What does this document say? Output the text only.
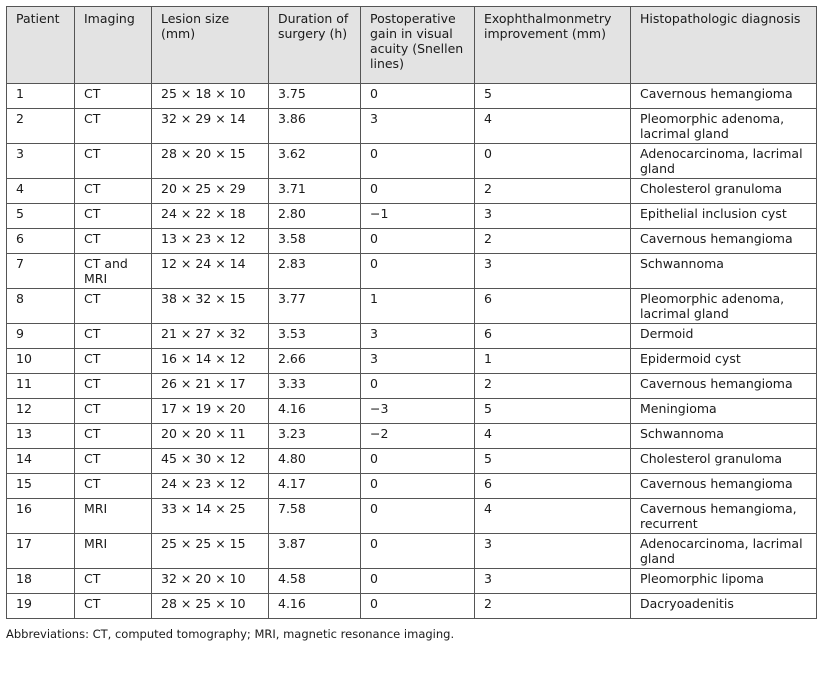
Patient	Imaging	Lesion size (mm)	Duration of surgery (h)	Postoperative gain in visual acuity (Snellen lines)	Exophthalmonmetry improvement (mm)	Histopathologic diagnosis
1	CT	25 × 18 × 10	3.75	0	5	Cavernous hemangioma
2	CT	32 × 29 × 14	3.86	3	4	Pleomorphic adenoma, lacrimal gland
3	CT	28 × 20 × 15	3.62	0	0	Adenocarcinoma, lacrimal gland
4	CT	20 × 25 × 29	3.71	0	2	Cholesterol granuloma
5	CT	24 × 22 × 18	2.80	−1	3	Epithelial inclusion cyst
6	CT	13 × 23 × 12	3.58	0	2	Cavernous hemangioma
7	CT and MRI	12 × 24 × 14	2.83	0	3	Schwannoma
8	CT	38 × 32 × 15	3.77	1	6	Pleomorphic adenoma, lacrimal gland
9	CT	21 × 27 × 32	3.53	3	6	Dermoid
10	CT	16 × 14 × 12	2.66	3	1	Epidermoid cyst
11	CT	26 × 21 × 17	3.33	0	2	Cavernous hemangioma
12	CT	17 × 19 × 20	4.16	−3	5	Meningioma
13	CT	20 × 20 × 11	3.23	−2	4	Schwannoma
14	CT	45 × 30 × 12	4.80	0	5	Cholesterol granuloma
15	CT	24 × 23 × 12	4.17	0	6	Cavernous hemangioma
16	MRI	33 × 14 × 25	7.58	0	4	Cavernous hemangioma, recurrent
17	MRI	25 × 25 × 15	3.87	0	3	Adenocarcinoma, lacrimal gland
18	CT	32 × 20 × 10	4.58	0	3	Pleomorphic lipoma
19	CT	28 × 25 × 10	4.16	0	2	Dacryoadenitis
Abbreviations: CT, computed tomography; MRI, magnetic resonance imaging.
